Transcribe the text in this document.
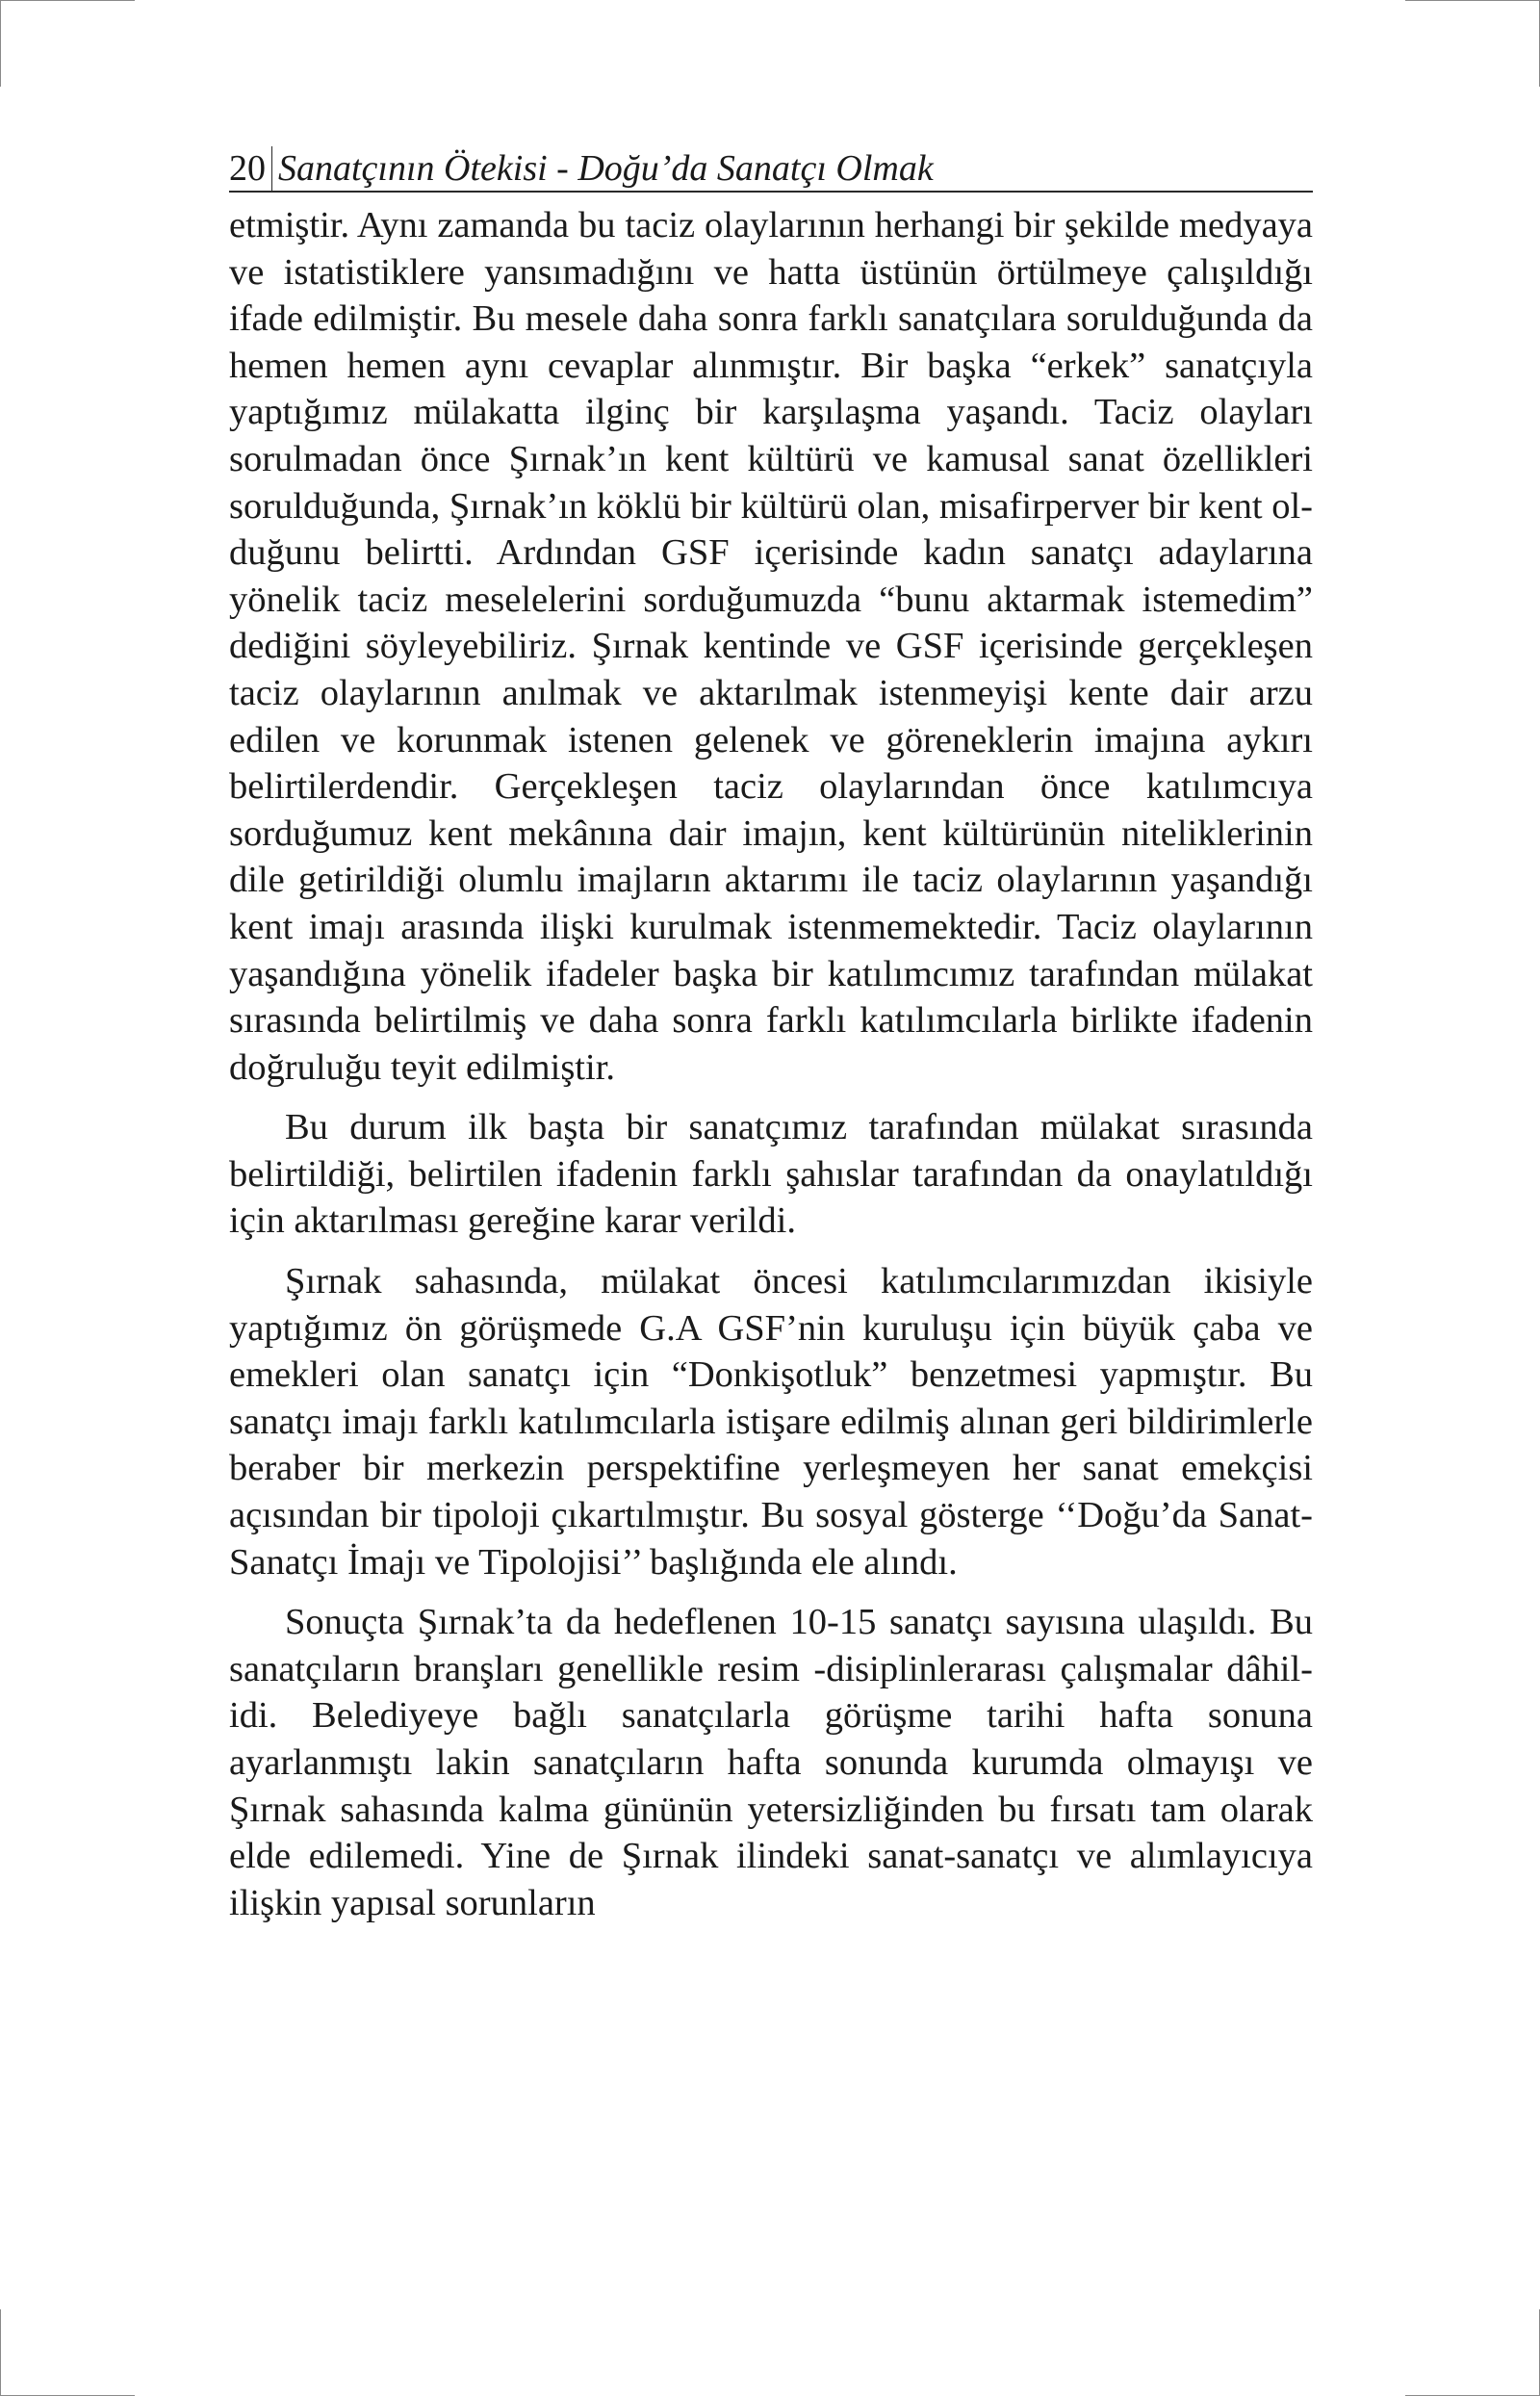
20 Sanatçının Ötekisi - Doğu’da Sanatçı Olmak

etmiştir. Aynı zamanda bu taciz olaylarının herhangi bir şekilde medyaya ve istatistiklere yansımadığını ve hatta üstünün örtülmeye çalışıldığı ifade edilmiştir. Bu mesele daha sonra farklı sanatçılara sorulduğunda da hemen hemen aynı cevaplar alınmıştır. Bir başka “erkek” sanatçıyla yaptığımız mülakatta ilginç bir karşılaşma yaşandı. Taciz olayları sorulmadan önce Şırnak’ın kent kültürü ve kamusal sanat özellikleri sorulduğunda, Şırnak’ın köklü bir kültürü olan, misafirperver bir kent olduğunu belirtti. Ardından GSF içerisinde kadın sanatçı adaylarına yönelik taciz meselelerini sorduğumuzda “bunu aktarmak istemedim” dediğini söyleyebiliriz. Şırnak kentinde ve GSF içerisinde gerçekleşen taciz olaylarının anılmak ve aktarılmak istenmeyişi kente dair arzu edilen ve korunmak istenen gelenek ve göreneklerin imajına aykırı belirtilerdendir. Gerçekleşen taciz olaylarından önce katılımcıya sorduğumuz kent mekânına dair imajın, kent kültürünün niteliklerinin dile getirildiği olumlu imajların aktarımı ile taciz olaylarının yaşandığı kent imajı arasında ilişki kurulmak istenmemektedir. Taciz olaylarının yaşandığına yönelik ifadeler başka bir katılımcımız tarafından mülakat sırasında belirtilmiş ve daha sonra farklı katılımcılarla birlikte ifadenin doğruluğu teyit edilmiştir.

Bu durum ilk başta bir sanatçımız tarafından mülakat sırasında belirtildiği, belirtilen ifadenin farklı şahıslar tarafından da onaylatıldığı için aktarılması gereğine karar verildi.

Şırnak sahasında, mülakat öncesi katılımcılarımızdan ikisiyle yaptığımız ön görüşmede G.A GSF’nin kuruluşu için büyük çaba ve emekleri olan sanatçı için “Donkişotluk” benzetmesi yapmıştır. Bu sanatçı imajı farklı katılımcılarla istişare edilmiş alınan geri bildirimlerle beraber bir merkezin perspektifine yerleşmeyen her sanat emekçisi açısından bir tipoloji çıkartılmıştır. Bu sosyal gösterge ‘‘Doğu’da Sanat-Sanatçı İmajı ve Tipolojisi’’ başlığında ele alındı.

Sonuçta Şırnak’ta da hedeflenen 10-15 sanatçı sayısına ulaşıldı. Bu sanatçıların branşları genellikle resim -disiplinlerarası çalışmalar dâhil-idi. Belediyeye bağlı sanatçılarla görüşme tarihi hafta sonuna ayarlanmıştı lakin sanatçıların hafta sonunda kurumda olmayışı ve Şırnak sahasında kalma gününün yetersizliğinden bu fırsatı tam olarak elde edilemedi. Yine de Şırnak ilindeki sanat-sanatçı ve alımlayıcıya ilişkin yapısal sorunların
